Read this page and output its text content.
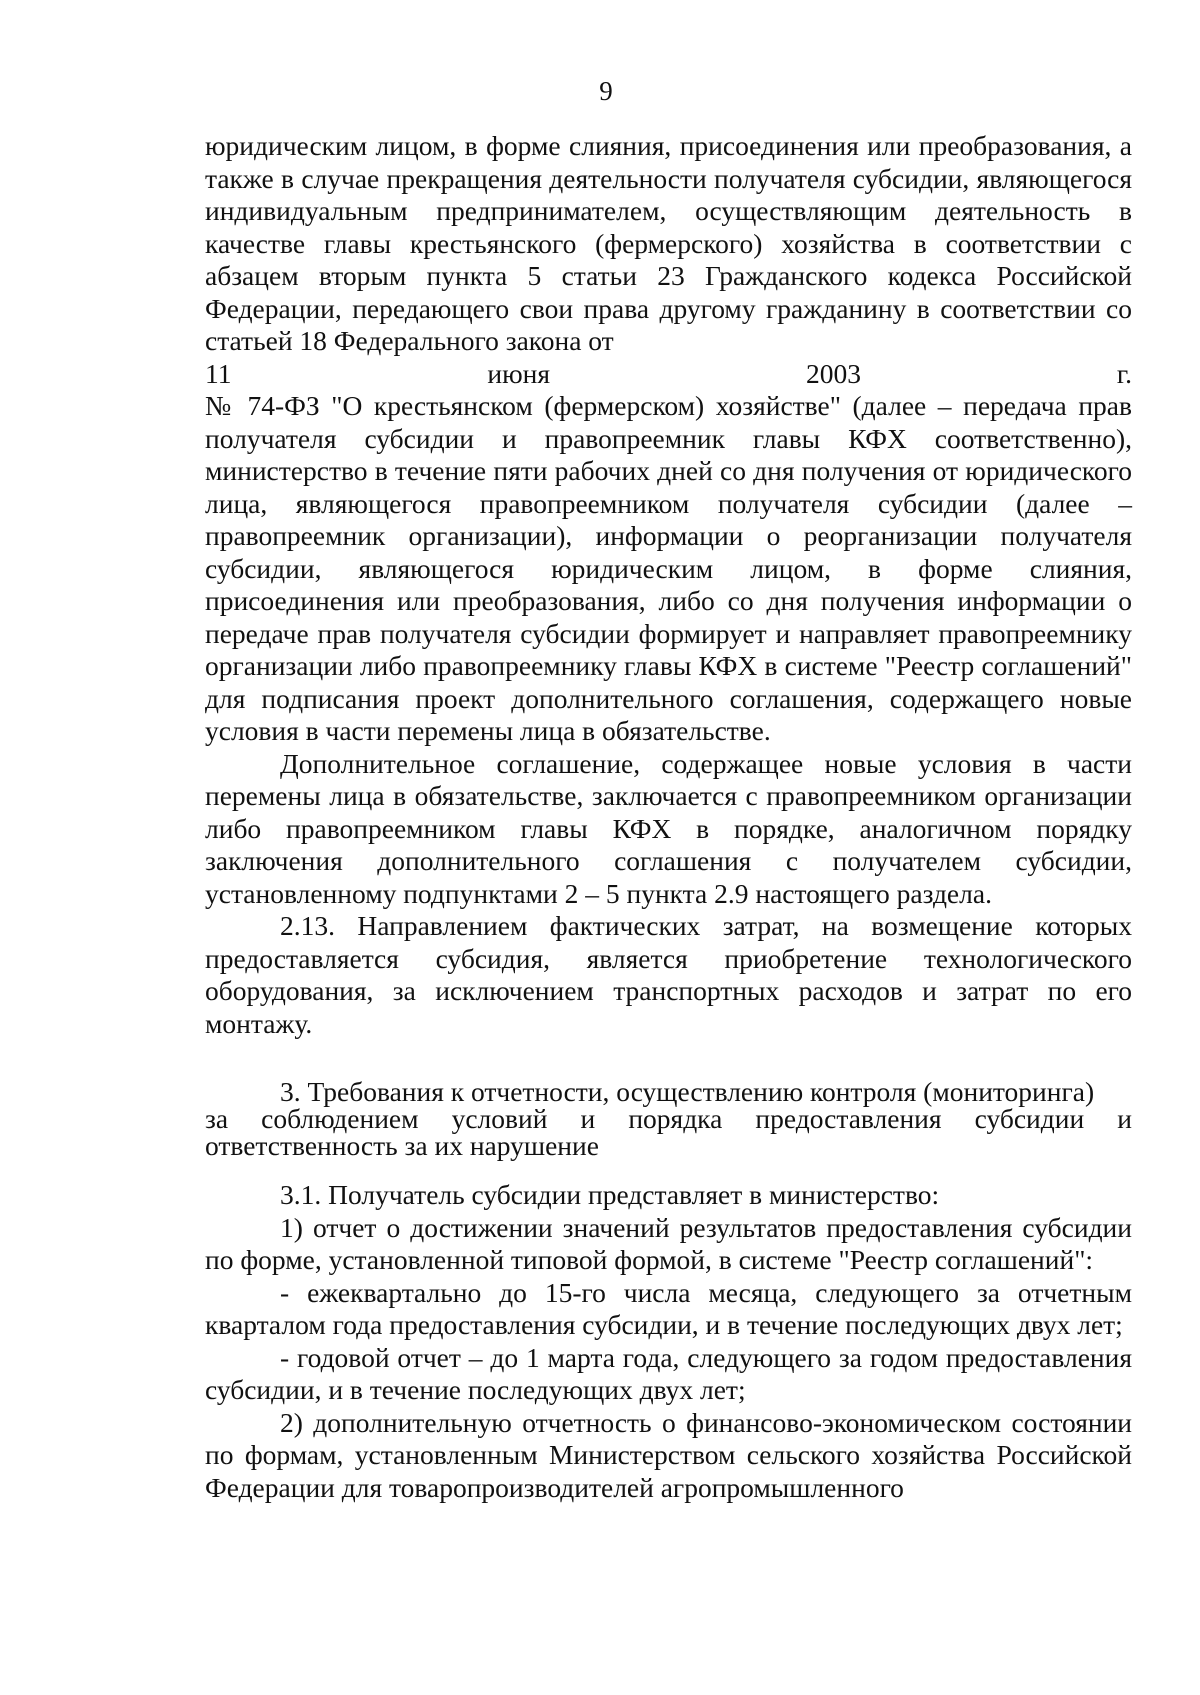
9

юридическим лицом, в форме слияния, присоединения или преобразования, а также в случае прекращения деятельности получателя субсидии, являющегося индивидуальным предпринимателем, осуществляющим деятельность в качестве главы крестьянского (фермерского) хозяйства в соответствии с абзацем вторым пункта 5 статьи 23 Гражданского кодекса Российской Федерации, передающего свои права другому гражданину в соответствии со статьей 18 Федерального закона от
11 июня 2003 г.
№ 74-ФЗ "О крестьянском (фермерском) хозяйстве" (далее – передача прав получателя субсидии и правопреемник главы КФХ соответственно), министерство в течение пяти рабочих дней со дня получения от юридического лица, являющегося правопреемником получателя субсидии (далее – правопреемник организации), информации о реорганизации получателя субсидии, являющегося юридическим лицом, в форме слияния, присоединения или преобразования, либо со дня получения информации о передаче прав получателя субсидии формирует и направляет правопреемнику организации либо правопреемнику главы КФХ в системе "Реестр соглашений" для подписания проект дополнительного соглашения, содержащего новые условия в части перемены лица в обязательстве.

Дополнительное соглашение, содержащее новые условия в части перемены лица в обязательстве, заключается с правопреемником организации либо правопреемником главы КФХ в порядке, аналогичном порядку заключения дополнительного соглашения с получателем субсидии, установленному подпунктами 2 – 5 пункта 2.9 настоящего раздела.

2.13. Направлением фактических затрат, на возмещение которых предоставляется субсидия, является приобретение технологического оборудования, за исключением транспортных расходов и затрат по его монтажу.

3. Требования к отчетности, осуществлению контроля (мониторинга)
за соблюдением условий и порядка предоставления субсидии и
ответственность за их нарушение

3.1. Получатель субсидии представляет в министерство:

1) отчет о достижении значений результатов предоставления субсидии по форме, установленной типовой формой, в системе "Реестр соглашений":

- ежеквартально до 15-го числа месяца, следующего за отчетным кварталом года предоставления субсидии, и в течение последующих двух лет;

- годовой отчет – до 1 марта года, следующего за годом предоставления субсидии, и в течение последующих двух лет;

2) дополнительную отчетность о финансово-экономическом состоянии по формам, установленным Министерством сельского хозяйства Российской Федерации для товаропроизводителей агропромышленного
